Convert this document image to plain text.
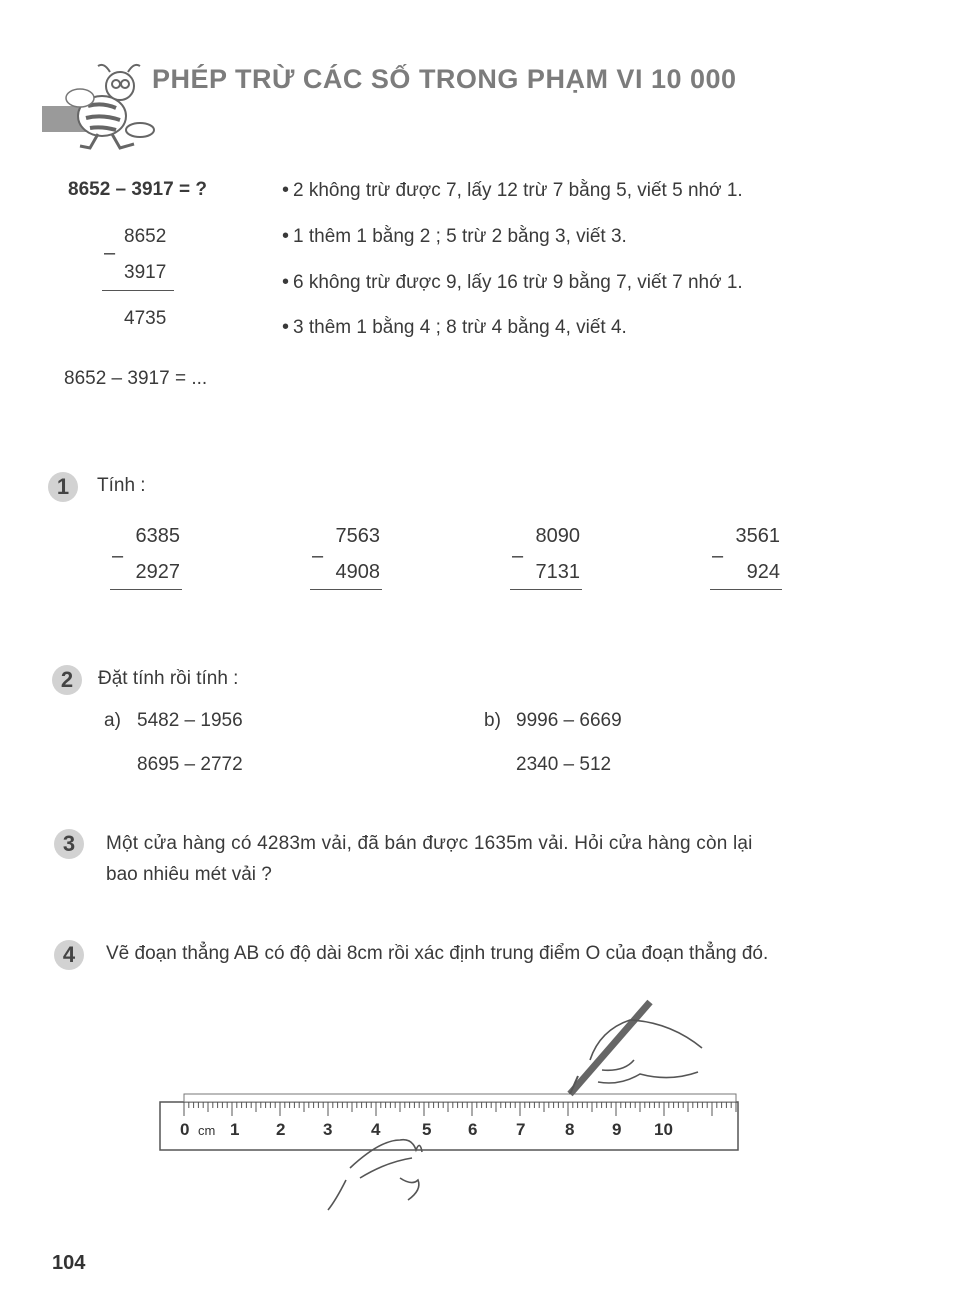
PHÉP TRỪ CÁC SỐ TRONG PHẠM VI 10 000
8652 – 3917 = ?
8652
–
3917
4735
• 2 không trừ được 7, lấy 12 trừ 7 bằng 5, viết 5 nhớ 1.
• 1 thêm 1 bằng 2 ; 5 trừ 2 bằng 3, viết 3.
• 6 không trừ được 9, lấy 16 trừ 9 bằng 7, viết 7 nhớ 1.
• 3 thêm 1 bằng 4 ; 8 trừ 4 bằng 4, viết 4.
8652 – 3917 = ...
1	Tính :
6385
2927
–
7563
4908
–
8090
7131
–
3561
924
–
2	Đặt tính rồi tính :
a) 5482 – 1956
8695 – 2772
b) 9996 – 6669
2340 – 512
3	Một cửa hàng có 4283m vải, đã bán được 1635m vải. Hỏi cửa hàng còn lại
bao nhiêu mét vải ?
4	Vẽ đoạn thẳng AB có độ dài 8cm rồi xác định trung điểm O của đoạn thẳng đó.
0 cm 1 2 3 4 5 6 7 8 9 10
104
